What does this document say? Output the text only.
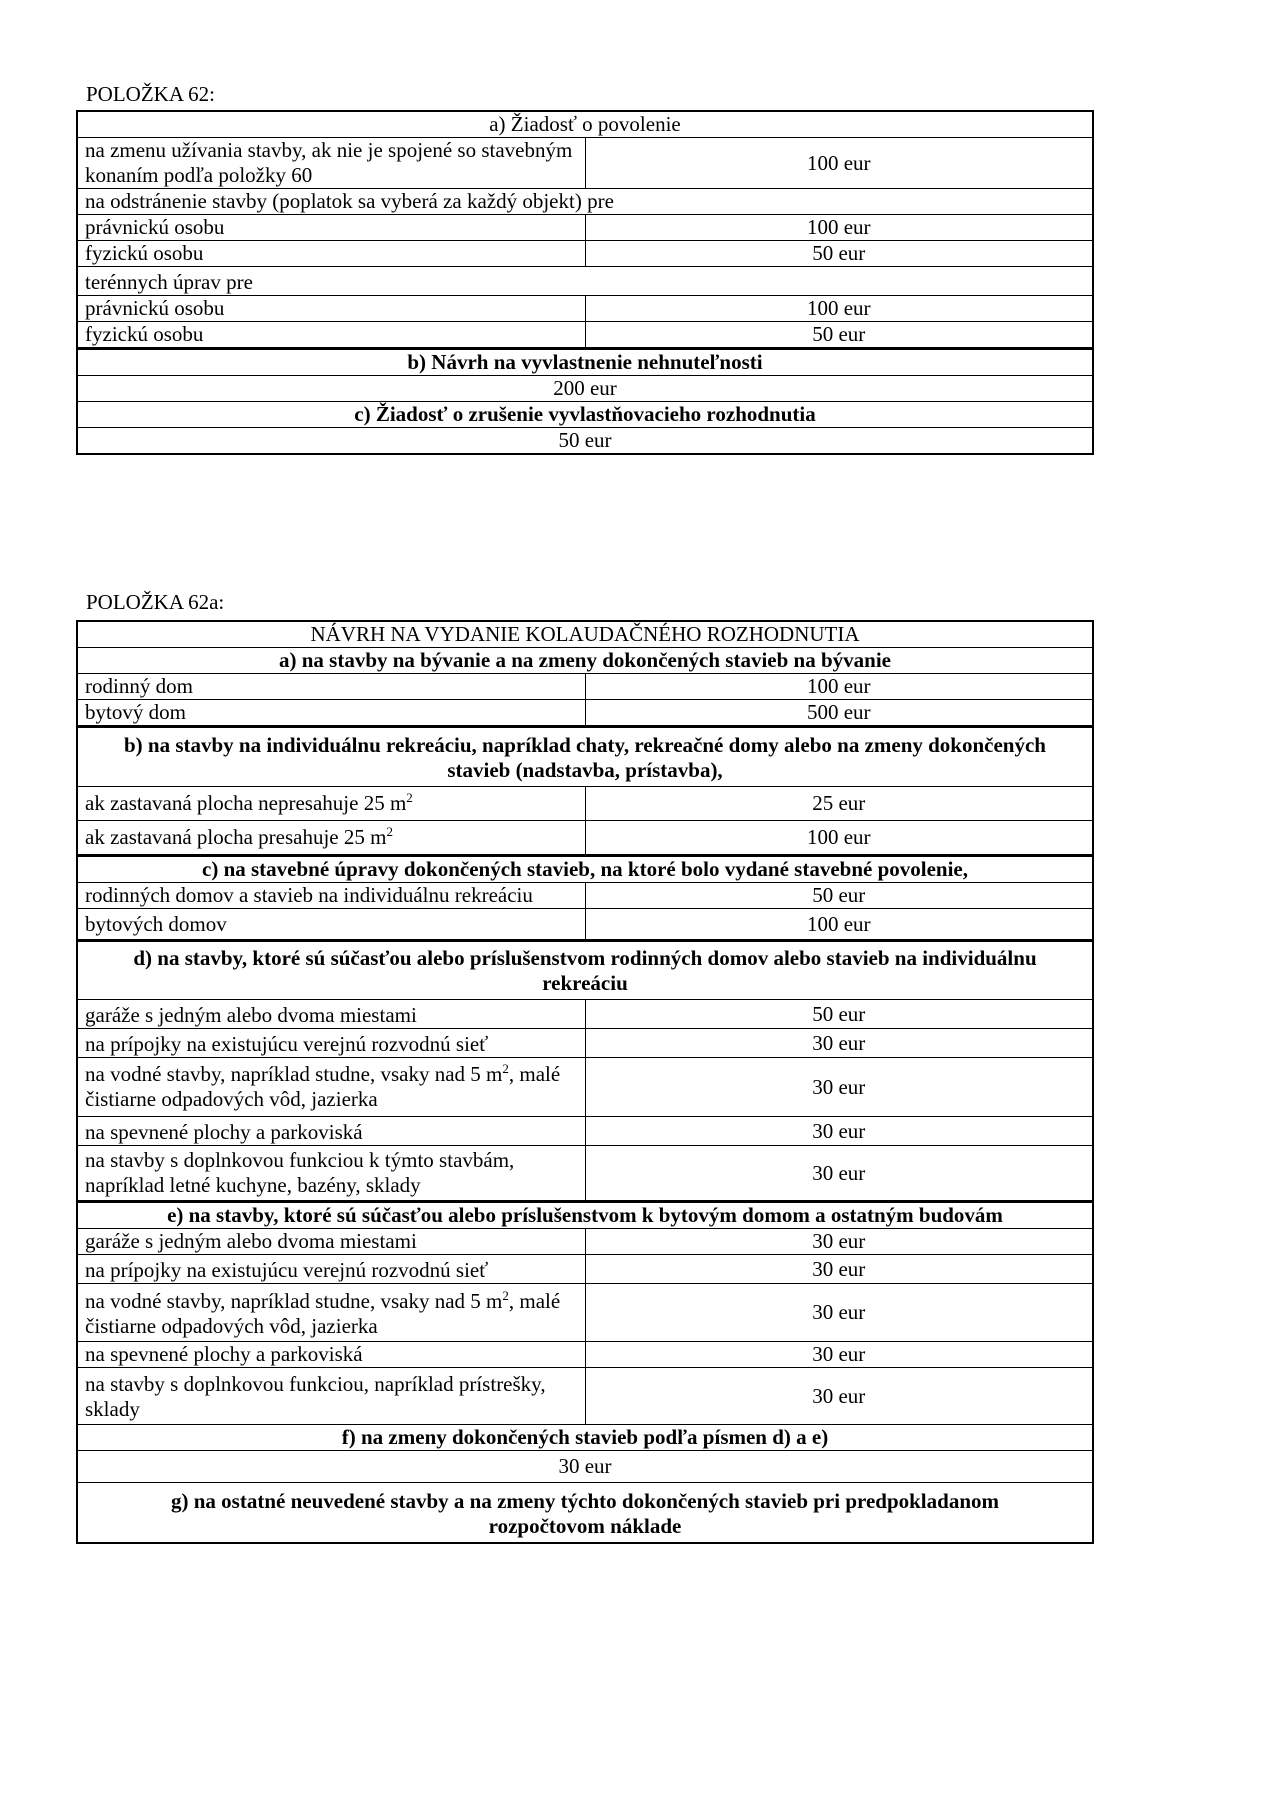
POLOŽKA 62:
a) Žiadosť o povolenie	
na zmenu užívania stavby, ak nie je spojené so stavebným konaním podľa položky 60	100 eur
na odstránenie stavby (poplatok sa vyberá za každý objekt) pre	
právnickú osobu	100 eur
fyzickú osobu	50 eur
terénnych úprav pre	
právnickú osobu	100 eur
fyzickú osobu	50 eur
b) Návrh na vyvlastnenie nehnuteľnosti	
200 eur	
c) Žiadosť o zrušenie vyvlastňovacieho rozhodnutia	
50 eur	
POLOŽKA 62a:
NÁVRH NA VYDANIE KOLAUDAČNÉHO ROZHODNUTIA	
a) na stavby na bývanie a na zmeny dokončených stavieb na bývanie	
rodinný dom	100 eur
bytový dom	500 eur
b) na stavby na individuálnu rekreáciu, napríklad chaty, rekreačné domy alebo na zmeny dokončených stavieb (nadstavba, prístavba),	
ak zastavaná plocha nepresahuje 25 $m^2$	25 eur
ak zastavaná plocha presahuje 25 $m^2$	100 eur
c) na stavebné úpravy dokončených stavieb, na ktoré bolo vydané stavebné povolenie,	
rodinných domov a stavieb na individuálnu rekreáciu	50 eur
bytových domov	100 eur
d) na stavby, ktoré sú súčasťou alebo príslušenstvom rodinných domov alebo stavieb na individuálnu rekreáciu	
garáže s jedným alebo dvoma miestami	50 eur
na prípojky na existujúcu verejnú rozvodnú sieť	30 eur
na vodné stavby, napríklad studne, vsaky nad 5 $m^2$, malé čistiarne odpadových vôd, jazierka	30 eur
na spevnené plochy a parkoviská	30 eur
na stavby s doplnkovou funkciou k týmto stavbám, napríklad letné kuchyne, bazény, sklady	30 eur
e) na stavby, ktoré sú súčasťou alebo príslušenstvom k bytovým domom a ostatným budovám	
garáže s jedným alebo dvoma miestami	30 eur
na prípojky na existujúcu verejnú rozvodnú sieť	30 eur
na vodné stavby, napríklad studne, vsaky nad 5 $m^2$, malé čistiarne odpadových vôd, jazierka	30 eur
na spevnené plochy a parkoviská	30 eur
na stavby s doplnkovou funkciou, napríklad prístrešky, sklady	30 eur
f) na zmeny dokončených stavieb podľa písmen d) a e)	
30 eur	
g) na ostatné neuvedené stavby a na zmeny týchto dokončených stavieb pri predpokladanom rozpočtovom náklade	
